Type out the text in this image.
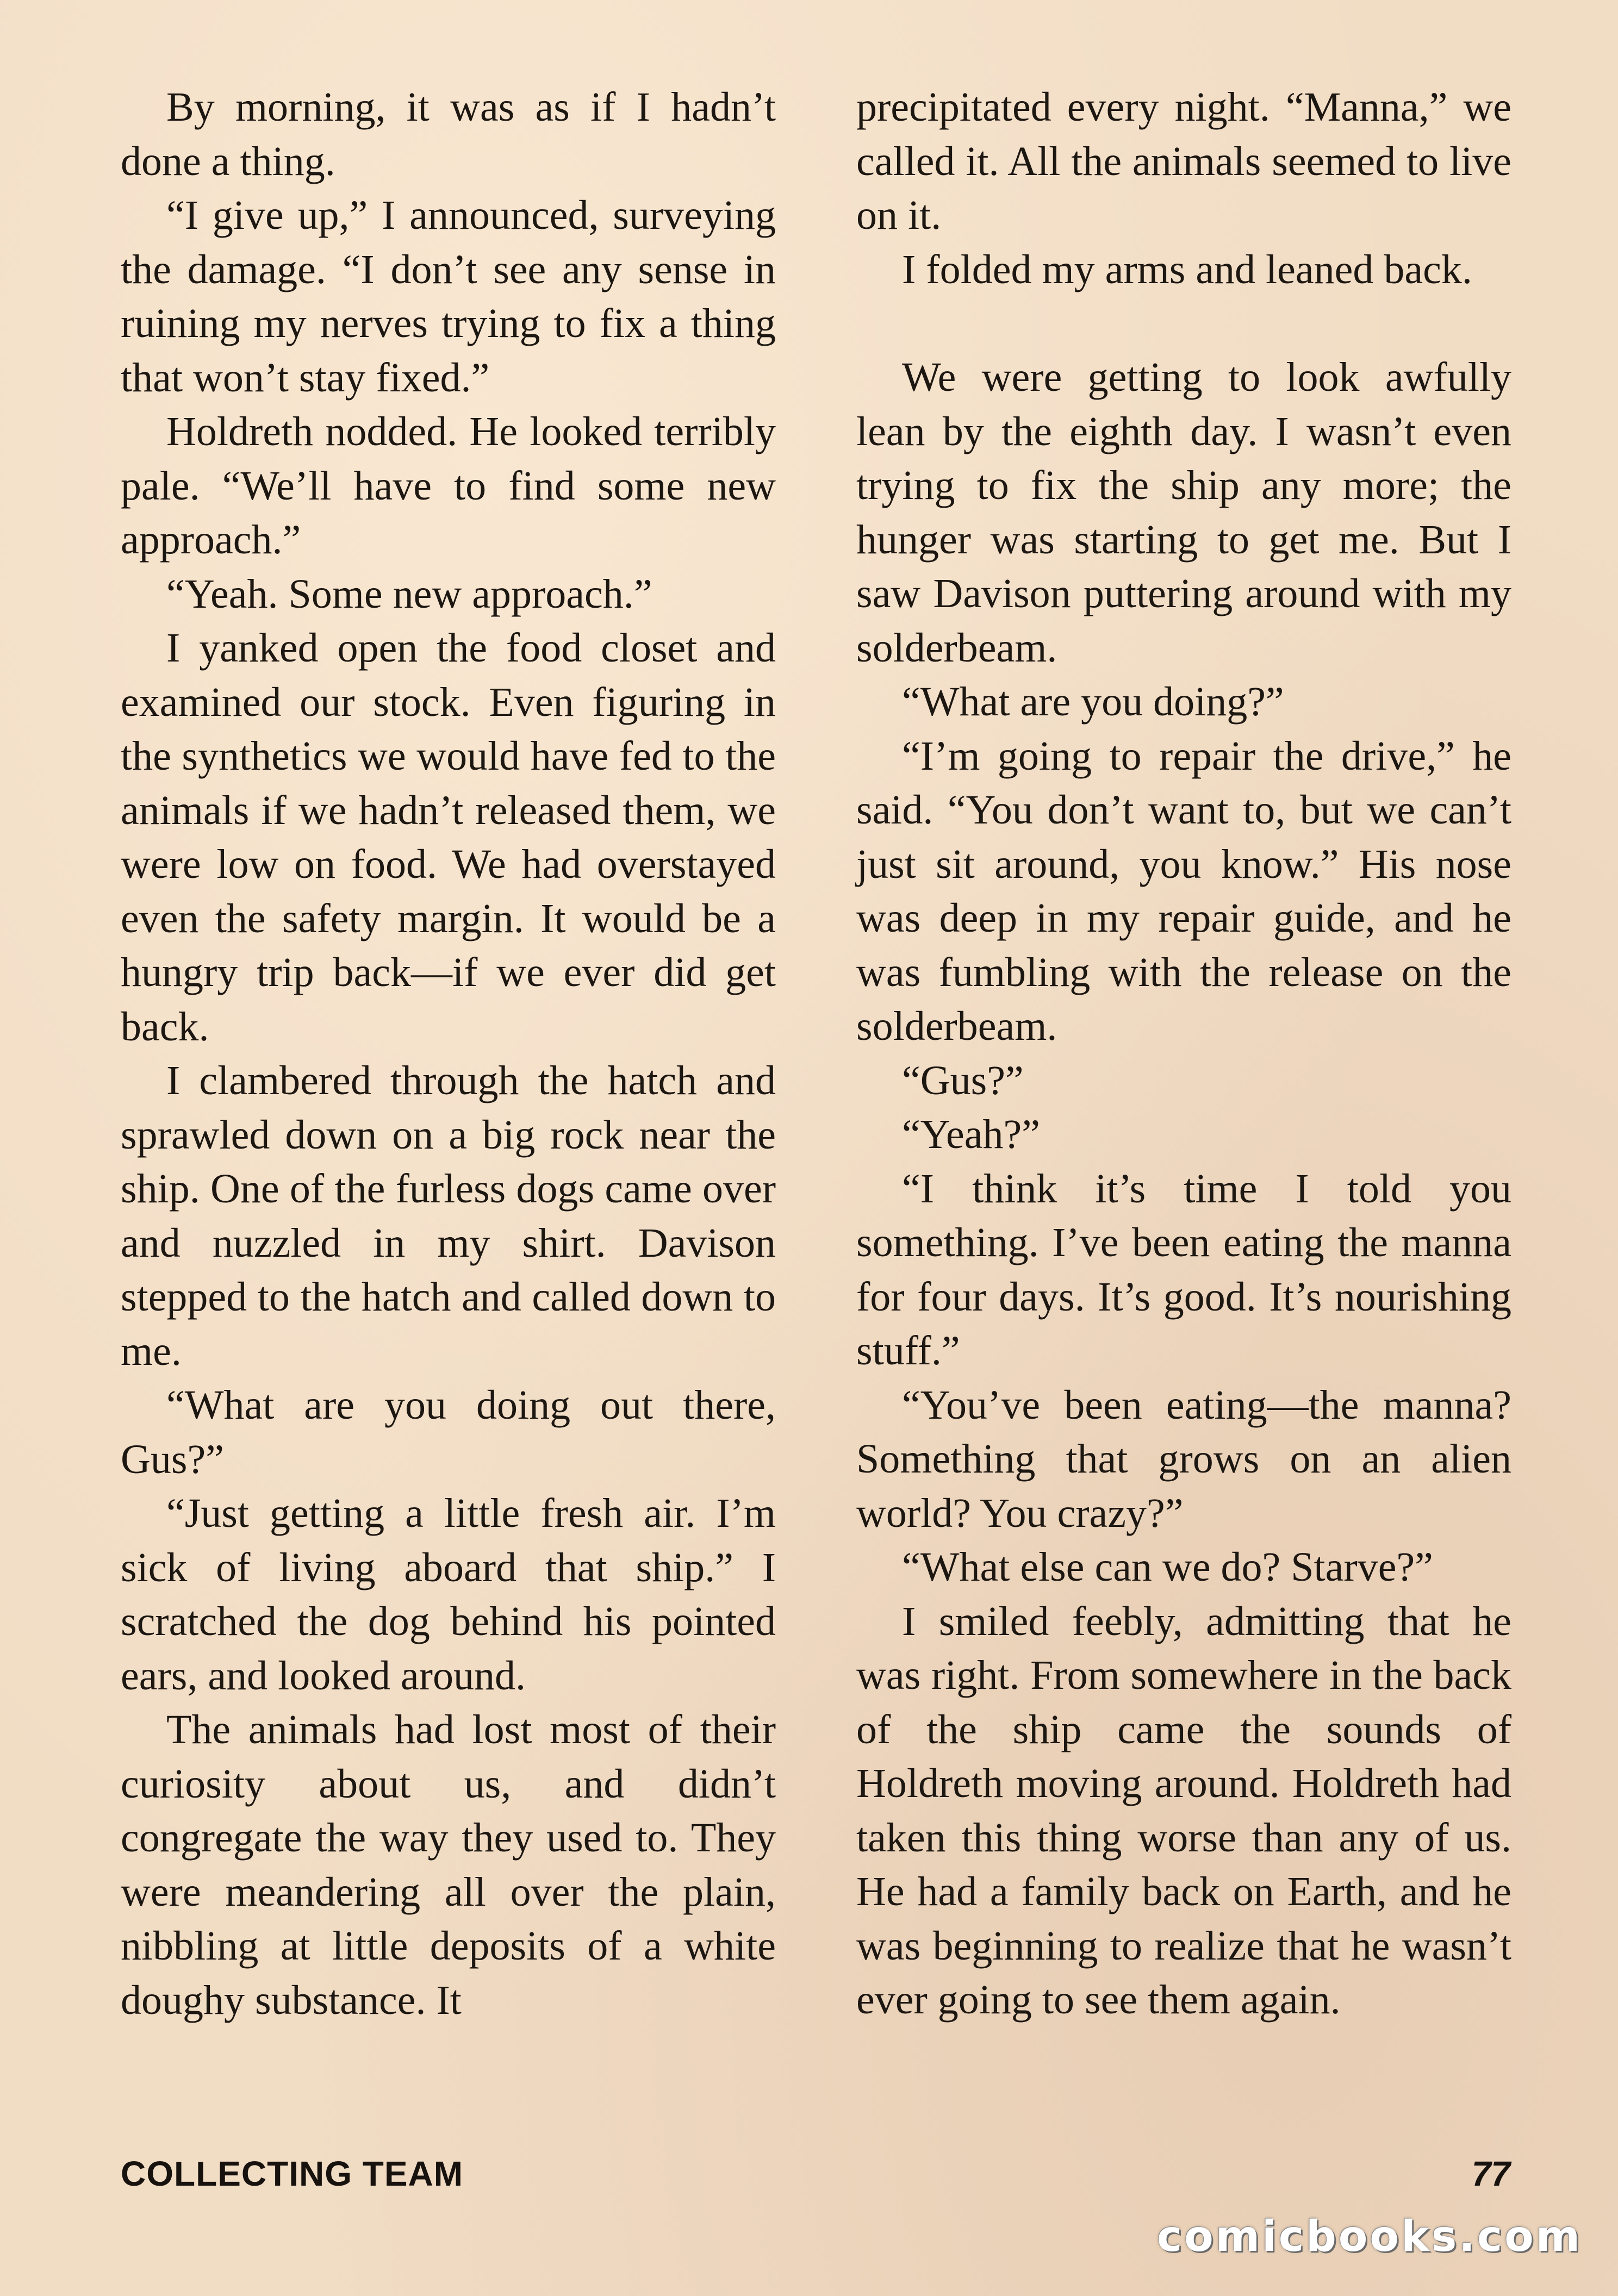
By morning, it was as if I hadn’t done a thing.

“I give up,” I announced, surveying the damage. “I don’t see any sense in ruining my nerves trying to fix a thing that won’t stay fixed.”

Holdreth nodded. He looked terribly pale. “We’ll have to find some new approach.”

“Yeah. Some new approach.”

I yanked open the food closet and examined our stock. Even figuring in the synthetics we would have fed to the animals if we hadn’t released them, we were low on food. We had overstayed even the safety margin. It would be a hungry trip back—if we ever did get back.

I clambered through the hatch and sprawled down on a big rock near the ship. One of the furless dogs came over and nuzzled in my shirt. Davison stepped to the hatch and called down to me.

“What are you doing out there, Gus?”

“Just getting a little fresh air. I’m sick of living aboard that ship.” I scratched the dog behind his pointed ears, and looked around.

The animals had lost most of their curiosity about us, and didn’t congregate the way they used to. They were meandering all over the plain, nibbling at little deposits of a white doughy substance. It

precipitated every night. “Manna,” we called it. All the animals seemed to live on it.

I folded my arms and leaned back.

We were getting to look awfully lean by the eighth day. I wasn’t even trying to fix the ship any more; the hunger was starting to get me. But I saw Davison puttering around with my solderbeam.

“What are you doing?”

“I’m going to repair the drive,” he said. “You don’t want to, but we can’t just sit around, you know.” His nose was deep in my repair guide, and he was fumbling with the release on the solderbeam.

“Gus?”

“Yeah?”

“I think it’s time I told you something. I’ve been eating the manna for four days. It’s good. It’s nourishing stuff.”

“You’ve been eating—the manna? Something that grows on an alien world? You crazy?”

“What else can we do? Starve?”

I smiled feebly, admitting that he was right. From somewhere in the back of the ship came the sounds of Holdreth moving around. Holdreth had taken this thing worse than any of us. He had a family back on Earth, and he was beginning to realize that he wasn’t ever going to see them again.

COLLECTING TEAM	77
comicbooks.com
